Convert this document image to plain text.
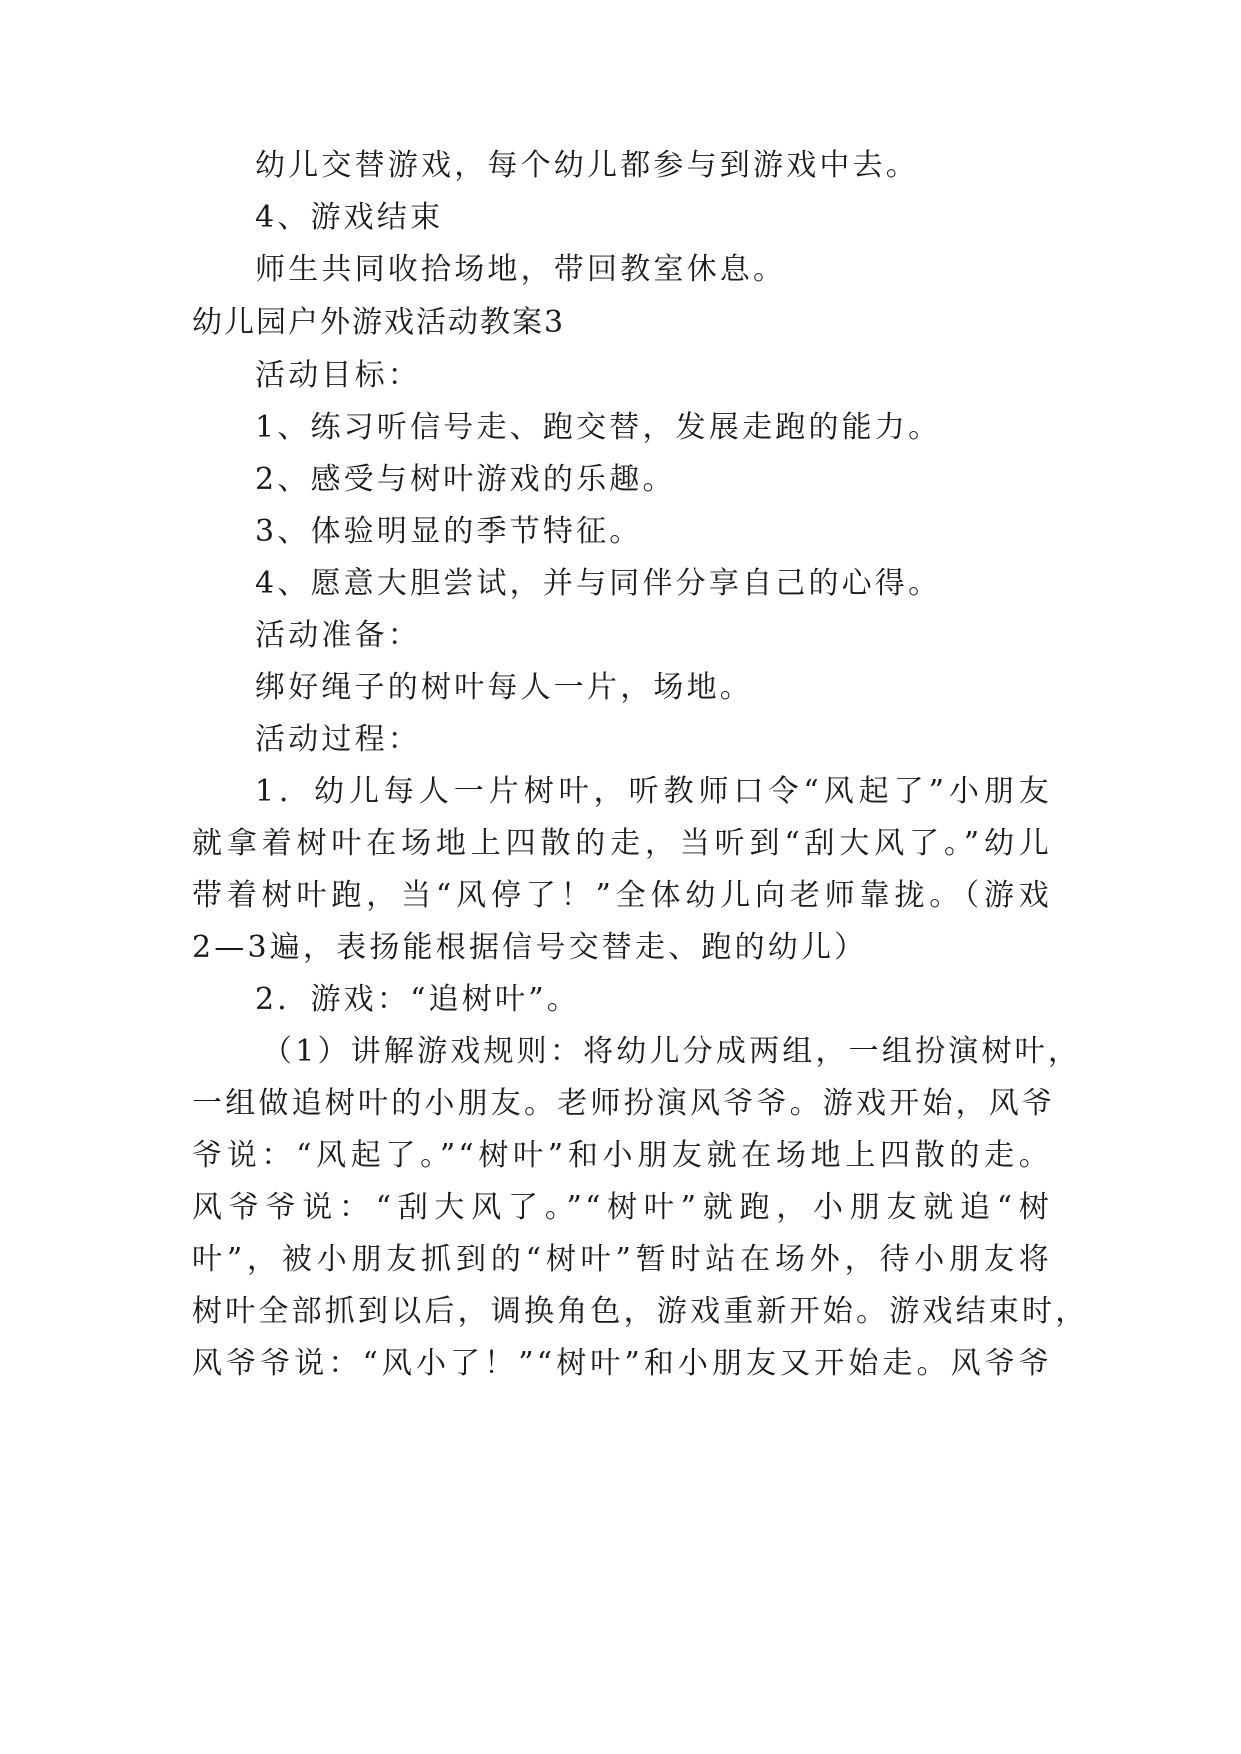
幼儿交替游戏，每个幼儿都参与到游戏中去。
4、游戏结束
师生共同收拾场地，带回教室休息。
幼儿园户外游戏活动教案3
活动目标：
1、练习听信号走、跑交替，发展走跑的能力。
2、感受与树叶游戏的乐趣。
3、体验明显的季节特征。
4、愿意大胆尝试，并与同伴分享自己的心得。
活动准备：
绑好绳子的树叶每人一片，场地。
活动过程：
1．幼儿每人一片树叶，听教师口令“风起了”小朋友
就拿着树叶在场地上四散的走，当听到“刮大风了。”幼儿
带着树叶跑，当“风停了！”全体幼儿向老师靠拢。（游戏
2—3遍，表扬能根据信号交替走、跑的幼儿）
2．游戏：“追树叶”。
（1）讲解游戏规则：将幼儿分成两组，一组扮演树叶，
一组做追树叶的小朋友。老师扮演风爷爷。游戏开始，风爷
爷说：“风起了。”“树叶”和小朋友就在场地上四散的走。
风爷爷说：“刮大风了。”“树叶”就跑，小朋友就追“树
叶”，被小朋友抓到的“树叶”暂时站在场外，待小朋友将
树叶全部抓到以后，调换角色，游戏重新开始。游戏结束时，
风爷爷说：“风小了！”“树叶”和小朋友又开始走。风爷爷
